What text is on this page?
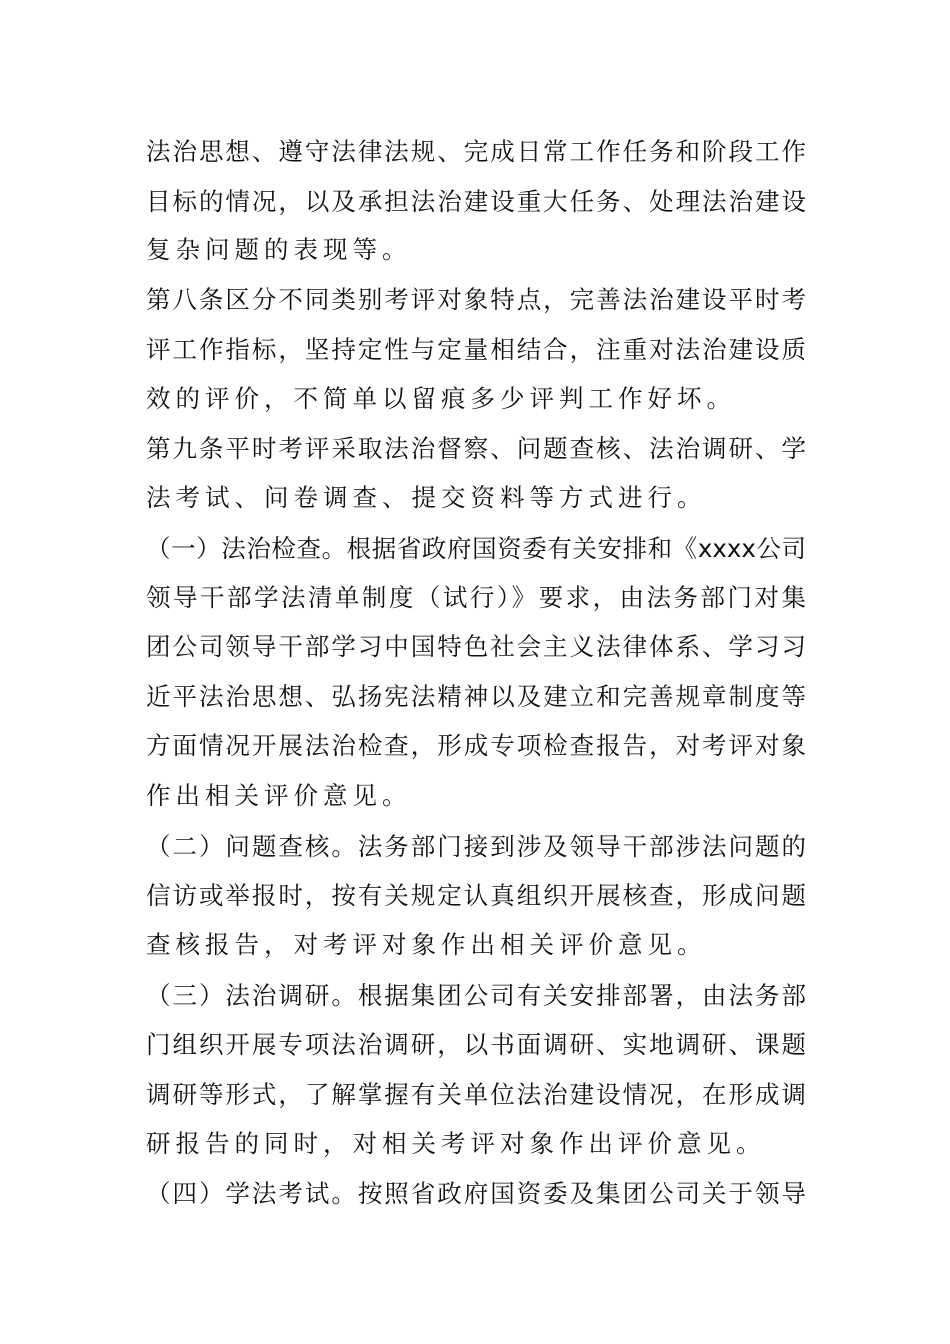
法治思想、遵守法律法规、完成日常工作任务和阶段工作
目标的情况，以及承担法治建设重大任务、处理法治建设
复杂问题的表现等。
第八条区分不同类别考评对象特点，完善法治建设平时考
评工作指标，坚持定性与定量相结合，注重对法治建设质
效的评价，不简单以留痕多少评判工作好坏。
第九条平时考评采取法治督察、问题查核、法治调研、学
法考试、问卷调查、提交资料等方式进行。
（一）法治检查。根据省政府国资委有关安排和《xxxx公司
领导干部学法清单制度（试行）》要求，由法务部门对集
团公司领导干部学习中国特色社会主义法律体系、学习习
近平法治思想、弘扬宪法精神以及建立和完善规章制度等
方面情况开展法治检查，形成专项检查报告，对考评对象
作出相关评价意见。
（二）问题查核。法务部门接到涉及领导干部涉法问题的
信访或举报时，按有关规定认真组织开展核查，形成问题
查核报告，对考评对象作出相关评价意见。
（三）法治调研。根据集团公司有关安排部署，由法务部
门组织开展专项法治调研，以书面调研、实地调研、课题
调研等形式，了解掌握有关单位法治建设情况，在形成调
研报告的同时，对相关考评对象作出评价意见。
（四）学法考试。按照省政府国资委及集团公司关于领导
